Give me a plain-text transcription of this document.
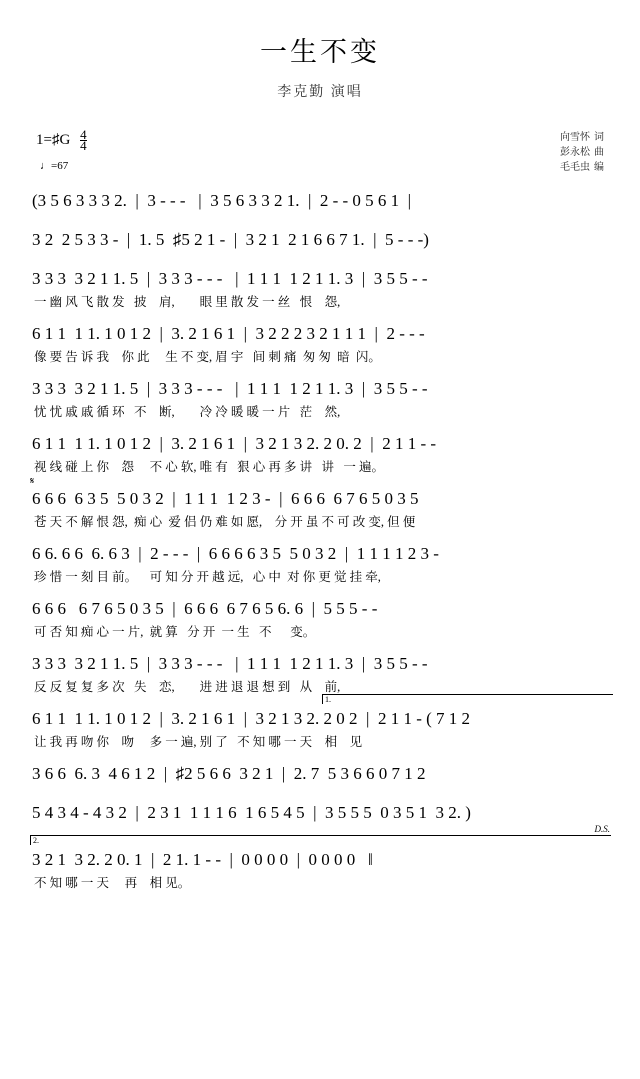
一生不变
李克勤 演唱
1=♯G $\frac{4}{4}$
♩=67
向雪怀 词
彭永松 曲
毛毛虫 编
(3 5 6 3 3 3 2.  |  3 - - -   |  3 5 6 3 3 2 1.  |  2 - - 0 5 6 1  |
3 2  2 5 3 3 -  |  1. 5  ♯5 2 1 -  |  3 2 1  2 1 6 6 7 1.  |  5 - - -)
3 3 3  3 2 1 1. 5  |  3 3 3 - - -   |  1 1 1  1 2 1 1. 3  |  3 5 5 - -
一 幽 风 飞 散 发   披    肩,        眼 里 散 发 一 丝   恨    怨,
6 1 1  1 1. 1 0 1 2  |  3. 2 1 6 1  |  3 2 2 2 3 2 1 1 1  |  2 - - -
像 要 告 诉 我    你 此     生 不 变, 眉 宇   间 刺 痛  匆 匆  暗  闪。
3 3 3  3 2 1 1. 5  |  3 3 3 - - -   |  1 1 1  1 2 1 1. 3  |  3 5 5 - -
忧 忧 戚 戚 循 环   不    断,        冷 冷 暖 暖 一 片   茫    然,
6 1 1  1 1. 1 0 1 2  |  3. 2 1 6 1  |  3 2 1 3 2. 2 0. 2  |  2 1 1 - -
视 线 碰 上 你    怨     不 心 软, 唯 有   狠 心 再 多 讲   讲   一 遍。
𝄋
6 6 6  6 3 5  5 0 3 2  |  1 1 1  1 2 3 -  |  6 6 6  6 7 6 5 0 3 5
苍 天 不 解 恨 怨,  痴 心  爱 侣 仍 难 如 愿,    分 开 虽 不 可 改 变, 但 便
6 6. 6 6  6. 6 3  |  2 - - -  |  6 6 6 6 3 5  5 0 3 2  |  1 1 1 1 2 3 -
珍 惜 一 刻 目 前。    可 知 分 开 越 远,   心 中  对 你 更 觉 挂 牵,
6 6 6   6 7 6 5 0 3 5  |  6 6 6  6 7 6 5 6. 6  |  5 5 5 - -
可 否 知 痴 心 一 片,  就 算   分 开  一 生   不      变。
3 3 3  3 2 1 1. 5  |  3 3 3 - - -   |  1 1 1  1 2 1 1. 3  |  3 5 5 - -
反 反 复 复 多 次   失    恋,        进 进 退 退 想 到   从    前,
1.
6 1 1  1 1. 1 0 1 2  |  3. 2 1 6 1  |  3 2 1 3 2. 2 0 2  |  2 1 1 - ( 7 1 2
让 我 再 吻 你    吻     多 一 遍, 别 了   不 知 哪 一 天    相    见
3 6 6  6. 3  4 6 1 2  |  ♯2 5 6 6  3 2 1  |  2. 7  5 3 6 6 0 7 1 2
5 4 3 4 - 4 3 2  |  2 3 1  1 1 1 6  1 6 5 4 5  |  3 5 5 5  0 3 5 1  3 2. )
D.S.
2.
3 2 1  3 2. 2 0. 1  |  2 1. 1 - -  |  0 0 0 0  |  0 0 0 0   ‖
不 知 哪 一 天     再    相 见。
